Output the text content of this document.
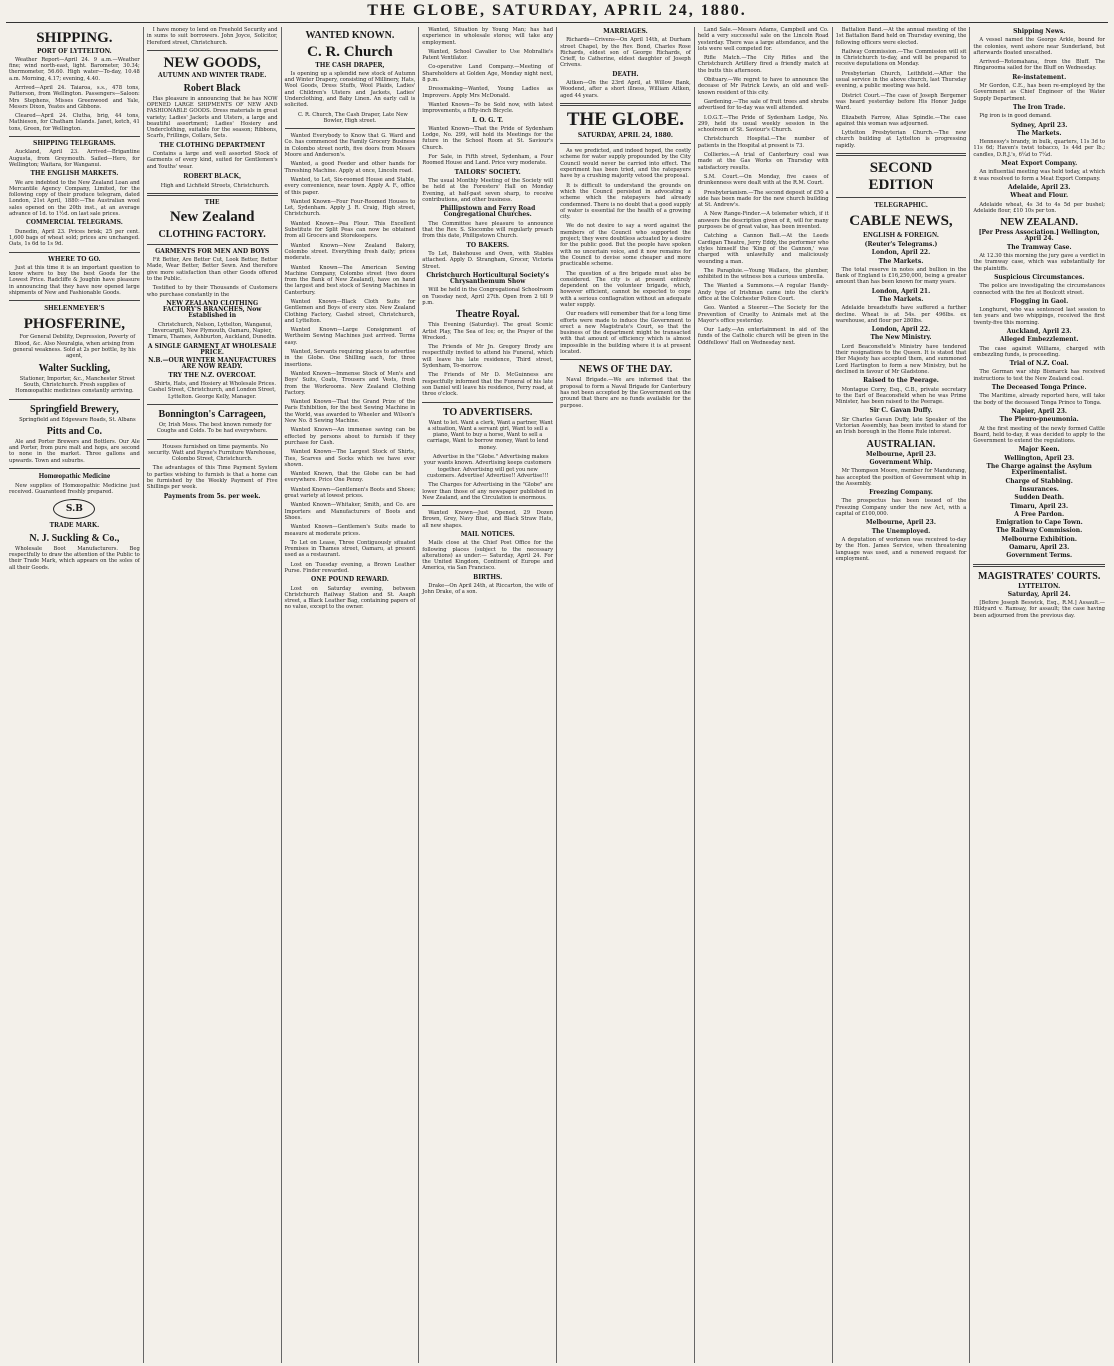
THE GLOBE, SATURDAY, APRIL 24, 1880.
SHIPPING.
PORT OF LYTTELTON.

Weather Report—April 24. 9 a.m.—Weather fine; wind north-east, light. Barometer, 30.34; thermometer, 56.60. High water—To-day, 10.48 a.m. Morning, 4.17; evening, 4.40.

Arrived—April 24. Taiaroa, s.s., 478 tons, Patterson, from Wellington. Passengers—Saloon: Mrs Stephens, Misses Greenwood and Yale, Messrs Dixon, Yeates and Gibbons.

Cleared—April 24. Clutha, brig, 44 tons, Mathieson, for Chatham Islands. Janet, ketch, 41 tons, Green, for Wellington.

SHIPPING TELEGRAMS.

Auckland, April 23. Arrived—Brigantine Augusta, from Greymouth. Sailed—Hero, for Wellington; Waitara, for Wanganui.

THE ENGLISH MARKETS.

We are indebted to the New Zealand Loan and Mercantile Agency Company, Limited, for the following copy of their produce telegram, dated London, 21st April, 1880:—The Australian wool sales opened on the 20th inst., at an average advance of 1d. to 1½d. on last sale prices.

COMMERCIAL TELEGRAMS.

Dunedin, April 23. Prices brisk; 25 per cent. 1,600 bags of wheat sold; prices are unchanged. Oats, 1s 6d to 1s 9d.

WHERE TO GO.

Just at this time it is an important question to know where to buy the best Goods for the Lowest Price. Radcliffe & Joughin have pleasure in announcing that they have now opened large shipments of New and Fashionable Goods.

SHELENMEYER'S
PHOSFERINE,

For General Debility, Depression, Poverty of Blood, &c. Also Neuralgia, when arising from general weakness. Sold at 2s per bottle, by his agent,

Walter Suckling,

Stationer, Importer, &c., Manchester Street South, Christchurch. Fresh supplies of Homœopathic medicines constantly arriving.

Springfield Brewery,

Springfield and Edgeware Roads, St. Albans

Pitts and Co.

Ale and Porter Brewers and Bottlers. Our Ale and Porter, from pure malt and hops, are second to none in the market. Three gallons and upwards. Town and suburbs.

Homœopathic Medicine

New supplies of Homœopathic Medicine just received. Guaranteed freshly prepared.

S.B
TRADE MARK.
N. J. Suckling & Co.,

Wholesale Boot Manufacturers. Beg respectfully to draw the attention of the Public to their Trade Mark, which appears on the soles of all their Goods.

I have money to lend on Freehold Security and in sums to suit borrowers. John Joyce, Solicitor, Hereford street, Christchurch.

NEW GOODS,
AUTUMN AND WINTER TRADE.
Robert Black

Has pleasure in announcing that he has NOW OPENED LARGE SHIPMENTS OF NEW AND FASHIONABLE GOODS. Dress materials in great variety; Ladies' Jackets and Ulsters, a large and beautiful assortment; Ladies' Hosiery and Underclothing, suitable for the season; Ribbons, Scarfs, Frillings, Collars, Sets.

THE CLOTHING DEPARTMENT

Contains a large and well assorted Stock of Garments of every kind, suited for Gentlemen's and Youths' wear.

ROBERT BLACK,

High and Lichfield Streets, Christchurch.

THE
New Zealand
CLOTHING FACTORY.
GARMENTS FOR MEN AND BOYS

Fit Better, Are Better Cut, Look Better, Better Made, Wear Better, Better Sewn. And therefore give more satisfaction than other Goods offered to the Public.

Testified to by their Thousands of Customers who purchase constantly in the

NEW ZEALAND CLOTHING FACTORY'S BRANCHES, Now Established in

Christchurch, Nelson, Lyttelton, Wanganui, Invercargill, New Plymouth, Oamaru, Napier, Timaru, Thames, Ashburton, Auckland, Dunedin.

A SINGLE GARMENT AT WHOLESALE PRICE.
N.B.—OUR WINTER MANUFACTURES ARE NOW READY.
TRY THE N.Z. OVERCOAT.

Shirts, Hats, and Hosiery at Wholesale Prices. Cashel Street, Christchurch, and London Street, Lyttelton. George Kelly, Manager.

Bonnington's Carrageen,

Or, Irish Moss. The best known remedy for Coughs and Colds. To be had everywhere.

Houses furnished on time payments. No security. Watt and Payne's Furniture Warehouse, Colombo Street, Christchurch.

The advantages of this Time Payment System to parties wishing to furnish is that a home can be furnished by the Weekly Payment of Five Shillings per week.

Payments from 5s. per week.
WANTED KNOWN.
C. R. Church
THE CASH DRAPER,

Is opening up a splendid new stock of Autumn and Winter Drapery, consisting of Millinery, Hats, Wool Goods, Dress Stuffs, Wool Plaids, Ladies' and Children's Ulsters and Jackets, Ladies' Underclothing, and Baby Linen. An early call is solicited.

C. R. Church, The Cash Draper, Late New Bowler, High street.

Wanted Everybody to Know that G. Ward and Co. has commenced the Family Grocery Business in Colombo street north, five doors from Messrs Moore and Anderson's.

Wanted, a good Feeder and other hands for Threshing Machine. Apply at once, Lincoln road.

Wanted, to Let, Six-roomed House and Stable, every convenience, near town. Apply A. F., office of this paper.

Wanted Known—Four Four-Roomed Houses to Let, Sydenham. Apply J. R. Craig, High street, Christchurch.

Wanted Known—Pea Flour. This Excellent Substitute for Split Peas can now be obtained from all Grocers and Storekeepers.

Wanted Known—New Zealand Bakery, Colombo street. Everything fresh daily; prices moderate.

Wanted Known—The American Sewing Machine Company, Colombo street (two doors from the Bank of New Zealand), have on hand the largest and best stock of Sewing Machines in Canterbury.

Wanted Known—Black Cloth Suits for Gentlemen and Boys of every size. New Zealand Clothing Factory, Cashel street, Christchurch, and Lyttelton.

Wanted Known—Large Consignment of Wertheim Sewing Machines just arrived. Terms easy.

Wanted, Servants requiring places to advertise in the Globe. One Shilling each, for three insertions.

Wanted Known—Immense Stock of Men's and Boys' Suits, Coats, Trousers and Vests, fresh from the Workrooms. New Zealand Clothing Factory.

Wanted Known—That the Grand Prize of the Paris Exhibition, for the best Sewing Machine in the World, was awarded to Wheeler and Wilson's New No. 8 Sewing Machine.

Wanted Known—An immense saving can be effected by persons about to furnish if they purchase for Cash.

Wanted Known—The Largest Stock of Shirts, Ties, Scarves and Socks which we have ever shown.

Wanted Known, that the Globe can be had everywhere. Price One Penny.

Wanted Known—Gentlemen's Boots and Shoes; great variety at lowest prices.

Wanted Known—Whitaker, Smith, and Co. are Importers and Manufacturers of Boots and Shoes.

Wanted Known—Gentlemen's Suits made to measure at moderate prices.

To Let on Lease, Three Contiguously situated Premises in Thames street, Oamaru, at present used as a restaurant.

Lost on Tuesday evening, a Brown Leather Purse. Finder rewarded.

ONE POUND REWARD.

Lost on Saturday evening, between Christchurch Railway Station and St. Asaph street, a Black Leather Bag, containing papers of no value, except to the owner.

Wanted, Situation by Young Man; has had experience in wholesale stores; will take any employment.

Wanted, School Cavalier to Use Mobrallie's Patent Ventilator.

Co-operative Land Company.—Meeting of Shareholders at Golden Age, Monday night next, 8 p.m.

Dressmaking—Wanted, Young Ladies as Improvers. Apply Mrs McDonald.

Wanted Known—To be Sold now, with latest improvements, a fifty-inch Bicycle.

I. O. G. T.

Wanted Known—That the Pride of Sydenham Lodge, No. 299, will hold its Meetings for the future in the School Room at St. Saviour's Church.

For Sale, in Fifth street, Sydenham, a Four Roomed House and Land. Price very moderate.

TAILORS' SOCIETY.

The usual Monthly Meeting of the Society will be held at the Foresters' Hall on Monday Evening, at half-past seven sharp, to receive contributions, and other business.

Phillipstown and Ferry Road Congregational Churches.

The Committee have pleasure to announce that the Rev. S. Slocombe will regularly preach from this date, Phillipstown Church.

TO BAKERS.

To Let, Bakehouse and Oven, with Stables attached. Apply D. Strangham, Grocer, Victoria Street.

Christchurch Horticultural Society's Chrysanthemum Show

Will be held in the Congregational Schoolroom on Tuesday next, April 27th. Open from 2 till 9 p.m.

Theatre Royal.

This Evening (Saturday). The great Scenic Artist Play, The Sea of Ice; or, the Prayer of the Wrecked.

The Friends of Mr Jn. Gregory Brody are respectfully invited to attend his Funeral, which will leave his late residence, Third street, Sydenham, To-morrow.

The Friends of Mr D. McGuinness are respectfully informed that the Funeral of his late son Daniel will leave his residence, Ferry road, at three o'clock.

TO ADVERTISERS.

Want to let. Want a clerk, Want a partner, Want a situation, Want a servant girl, Want to sell a piano, Want to buy a horse, Want to sell a carriage, Want to borrow money, Want to lend money.

Advertise in the "Globe." Advertising makes your wants known. Advertising keeps customers together. Advertising will get you new customers. Advertise! Advertise!! Advertise!!!

The Charges for Advertising in the "Globe" are lower than those of any newspaper published in New Zealand, and the Circulation is enormous.

Wanted Known—Just Opened, 29 Dozen Brown, Grey, Navy Blue, and Black Straw Hats, all new shapes.

MAIL NOTICES.

Mails close at the Chief Post Office for the following places (subject to the necessary alterations) as under:— Saturday, April 24. For the United Kingdom, Continent of Europe and America, via San Francisco.

BIRTHS.

Drake—On April 24th, at Riccarton, the wife of John Drake, of a son.

MARRIAGES.

Richards—Crivens—On April 14th, at Durham street Chapel, by the Rev. Bond, Charles Rose Richards, eldest son of George Richards, of Crieff, to Catherine, eldest daughter of Joseph Crivens.

DEATH.

Aitken—On the 23rd April, at Willow Bank, Woodend, after a short illness, William Aitken, aged 44 years.

THE GLOBE.
SATURDAY, APRIL 24, 1880.

As we predicted, and indeed hoped, the costly scheme for water supply propounded by the City Council would never be carried into effect. The experiment has been tried, and the ratepayers have by a crushing majority vetoed the proposal.

It is difficult to understand the grounds on which the Council persisted in advocating a scheme which the ratepayers had already condemned. There is no doubt that a good supply of water is essential for the health of a growing city.

We do not desire to say a word against the members of the Council who supported the project; they were doubtless actuated by a desire for the public good. But the people have spoken with no uncertain voice, and it now remains for the Council to devise some cheaper and more practicable scheme.

The question of a fire brigade must also be considered. The city is at present entirely dependent on the volunteer brigade, which, however efficient, cannot be expected to cope with a serious conflagration without an adequate water supply.

Our readers will remember that for a long time efforts were made to induce the Government to erect a new Magistrate's Court, so that the business of the department might be transacted with that amount of efficiency which is almost impossible in the building where it is at present located.

NEWS OF THE DAY.

Naval Brigade.—We are informed that the proposal to form a Naval Brigade for Canterbury has not been accepted by the Government on the ground that there are no funds available for the purpose.

Land Sale.—Messrs Adams, Campbell and Co. held a very successful sale on the Lincoln Road yesterday. There was a large attendance, and the lots were well competed for.

Rifle Match.—The City Rifles and the Christchurch Artillery fired a friendly match at the butts this afternoon.

Obituary.—We regret to have to announce the decease of Mr Patrick Lewis, an old and well-known resident of this city.

Gardening.—The sale of fruit trees and shrubs advertised for to-day was well attended.

I.O.G.T.—The Pride of Sydenham Lodge, No. 299, held its usual weekly session in the schoolroom of St. Saviour's Church.

Christchurch Hospital.—The number of patients in the Hospital at present is 73.

Collieries.—A trial of Canterbury coal was made at the Gas Works on Thursday with satisfactory results.

S.M. Court.—On Monday, five cases of drunkenness were dealt with at the R.M. Court.

Presbyterianism.—The second deposit of £50 a side has been made for the new church building at St. Andrew's.

A New Range-Finder.—A telemeter which, if it answers the description given of it, will for many purposes be of great value, has been invented.

Catching a Cannon Ball.—At the Leeds Cardigan Theatre, Jerry Eddy, the performer who styles himself the 'King of the Cannon,' was charged with unlawfully and maliciously wounding a man.

The Parapluie.—Young Wallace, the plumber, exhibited in the witness box a curious umbrella.

The Wanted a Summons.—A regular Handy-Andy type of Irishman came into the clerk's office at the Colchester Police Court.

Geo. Wanted a Steerer.—The Society for the Prevention of Cruelty to Animals met at the Mayor's office yesterday.

Our Lady.—An entertainment in aid of the funds of the Catholic church will be given in the Oddfellows' Hall on Wednesday next.

Battalion Band.—At the annual meeting of the 1st Battalion Band held on Thursday evening, the following officers were elected.

Railway Commission.—The Commission will sit in Christchurch to-day, and will be prepared to receive deputations on Monday.

Presbyterian Church, Leithfield.—After the usual service in the above church, last Thursday evening, a public meeting was held.

District Court.—The case of Joseph Bergemer was heard yesterday before His Honor Judge Ward.

Elizabeth Farrow, Alias Spindle.—The case against this woman was adjourned.

Lyttelton Presbyterian Church.—The new church building at Lyttelton is progressing rapidly.

SECOND EDITION
TELEGRAPHIC.
CABLE NEWS,
ENGLISH & FOREIGN.
(Reuter's Telegrams.)
London, April 22.
The Markets.

The total reserve in notes and bullion in the Bank of England is £16,250,000, being a greater amount than has been known for many years.

London, April 21.
The Markets.

Adelaide breadstuffs have suffered a further decline. Wheat is at 54s. per 496lbs. ex warehouse, and flour per 280lbs.

London, April 22.
The New Ministry.

Lord Beaconsfield's Ministry have tendered their resignations to the Queen. It is stated that Her Majesty has accepted them, and summoned Lord Hartington to form a new Ministry, but he declined in favour of Mr Gladstone.

Raised to the Peerage.

Montague Corry, Esq., C.B., private secretary to the Earl of Beaconsfield when he was Prime Minister, has been raised to the Peerage.

Sir C. Gavan Duffy.

Sir Charles Gavan Duffy, late Speaker of the Victorian Assembly, has been invited to stand for an Irish borough in the Home Rule interest.

AUSTRALIAN.
Melbourne, April 23.
Government Whip.

Mr Thompson Moore, member for Mandurang, has accepted the position of Government whip in the Assembly.

Freezing Company.

The prospectus has been issued of the Freezing Company under the new Act, with a capital of £100,000.

Melbourne, April 23.
The Unemployed.

A deputation of workmen was received to-day by the Hon. James Service, when threatening language was used, and a renewed request for employment.

Shipping News.

A vessel named the George Arkle, bound for the colonies, went ashore near Sunderland, but afterwards floated unscathed.

Arrived—Rotomahana, from the Bluff. The Ringarooma sailed for the Bluff on Wednesday.

Re-instatement.

Mr Gordon, C.E., has been re-employed by the Government as Chief Engineer of the Water Supply Department.

The Iron Trade.

Pig iron is in good demand.

Sydney, April 23.
The Markets.

Hennessy's brandy, in bulk, quarters, 11s 3d to 11s 6d; Haven's twist tobacco, 1s 44d per lb.; candles, D.R.J.'s, 6¼d to 7¼d.

Meat Export Company.

An influential meeting was held today, at which it was resolved to form a Meat Export Company.

Adelaide, April 23.
Wheat and Flour.

Adelaide wheat, 4s 3d to 4s 5d per bushel; Adelaide flour, £10 10s per ton.

NEW ZEALAND.
[Per Press Association.] Wellington, April 24.
The Tramway Case.

At 12.30 this morning the jury gave a verdict in the tramway case, which was substantially for the plaintiffs.

Suspicious Circumstances.

The police are investigating the circumstances connected with the fire at Boulcott street.

Flogging in Gaol.

Longhurst, who was sentenced last session to ten years and two whippings, received the first twenty-five this morning.

Auckland, April 23.
Alleged Embezzlement.

The case against Williams, charged with embezzling funds, is proceeding.

Trial of N.Z. Coal.

The German war ship Bismarck has received instructions to test the New Zealand coal.

The Deceased Tonga Prince.

The Maritime, already reported here, will take the body of the deceased Tonga Prince to Tonga.

Napier, April 23.
The Pleuro-pneumonia.

At the first meeting of the newly formed Cattle Board, held to-day, it was decided to apply to the Government to extend the regulations.

Major Keen.
Wellington, April 23.
The Charge against the Asylum Experimentalist.
Charge of Stabbing.
Insurances.
Sudden Death.
Timaru, April 23.
A Free Pardon.
Emigration to Cape Town.
The Railway Commission.
Melbourne Exhibition.
Oamaru, April 23.
Government Terms.
MAGISTRATES' COURTS.
LYTTELTON.
Saturday, April 24.

[Before Joseph Beswick, Esq., R.M.] Assault.—Hildyard v. Ramsay, for assault; the case having been adjourned from the previous day.
